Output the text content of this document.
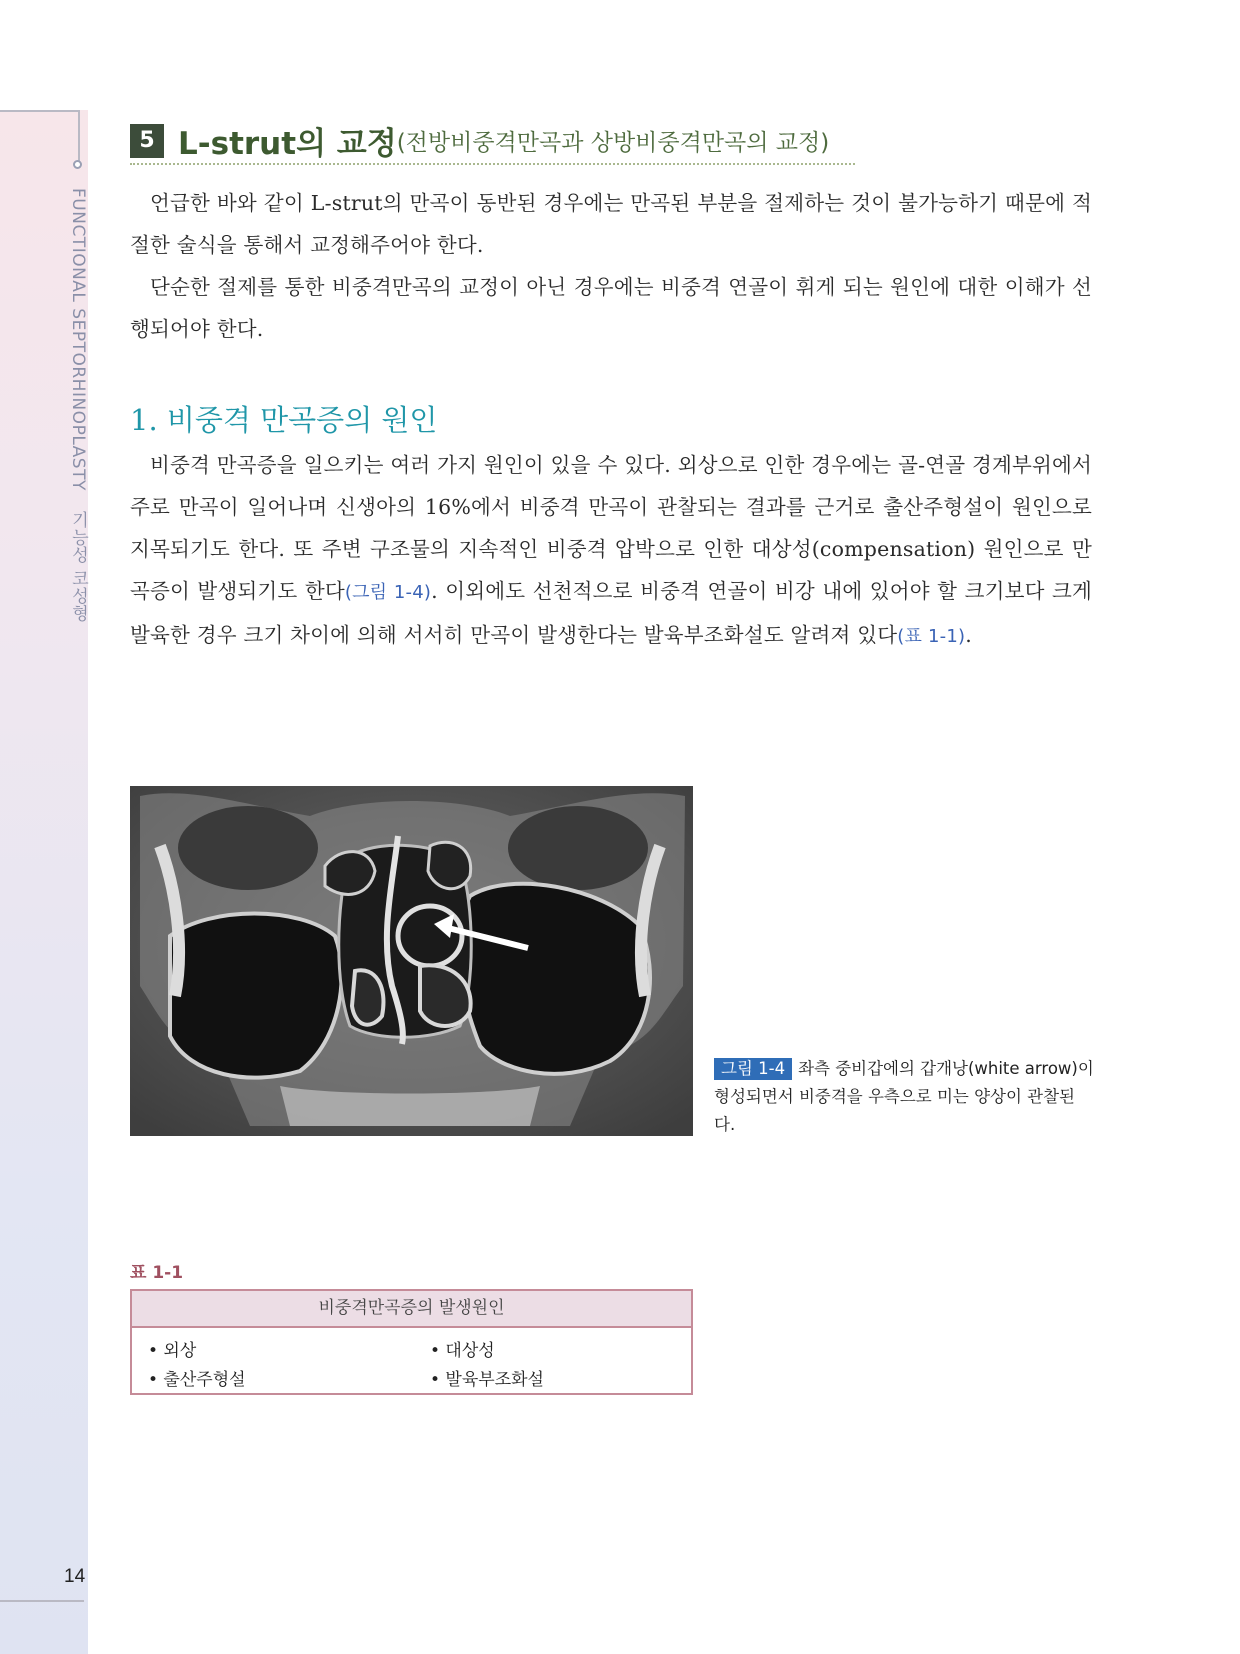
FUNCTIONAL SEPTORHINOPLASTY 기능성 코성형
14
5 L-strut의 교정(전방비중격만곡과 상방비중격만곡의 교정)

언급한 바와 같이 L-strut의 만곡이 동반된 경우에는 만곡된 부분을 절제하는 것이 불가능하기 때문에 적절한 술식을 통해서 교정해주어야 한다.

단순한 절제를 통한 비중격만곡의 교정이 아닌 경우에는 비중격 연골이 휘게 되는 원인에 대한 이해가 선행되어야 한다.

1. 비중격 만곡증의 원인

비중격 만곡증을 일으키는 여러 가지 원인이 있을 수 있다. 외상으로 인한 경우에는 골-연골 경계부위에서 주로 만곡이 일어나며 신생아의 16%에서 비중격 만곡이 관찰되는 결과를 근거로 출산주형설이 원인으로 지목되기도 한다. 또 주변 구조물의 지속적인 비중격 압박으로 인한 대상성(compensation) 원인으로 만곡증이 발생되기도 한다(그림 1-4). 이외에도 선천적으로 비중격 연골이 비강 내에 있어야 할 크기보다 크게 발육한 경우 크기 차이에 의해 서서히 만곡이 발생한다는 발육부조화설도 알려져 있다(표 1-1).

그림 1-4 좌측 중비갑에의 갑개낭(white arrow)이 형성되면서 비중격을 우측으로 미는 양상이 관찰된다.
표 1-1
비중격만곡증의 발생원인
• 외상	• 대상성
• 출산주형설	• 발육부조화설
